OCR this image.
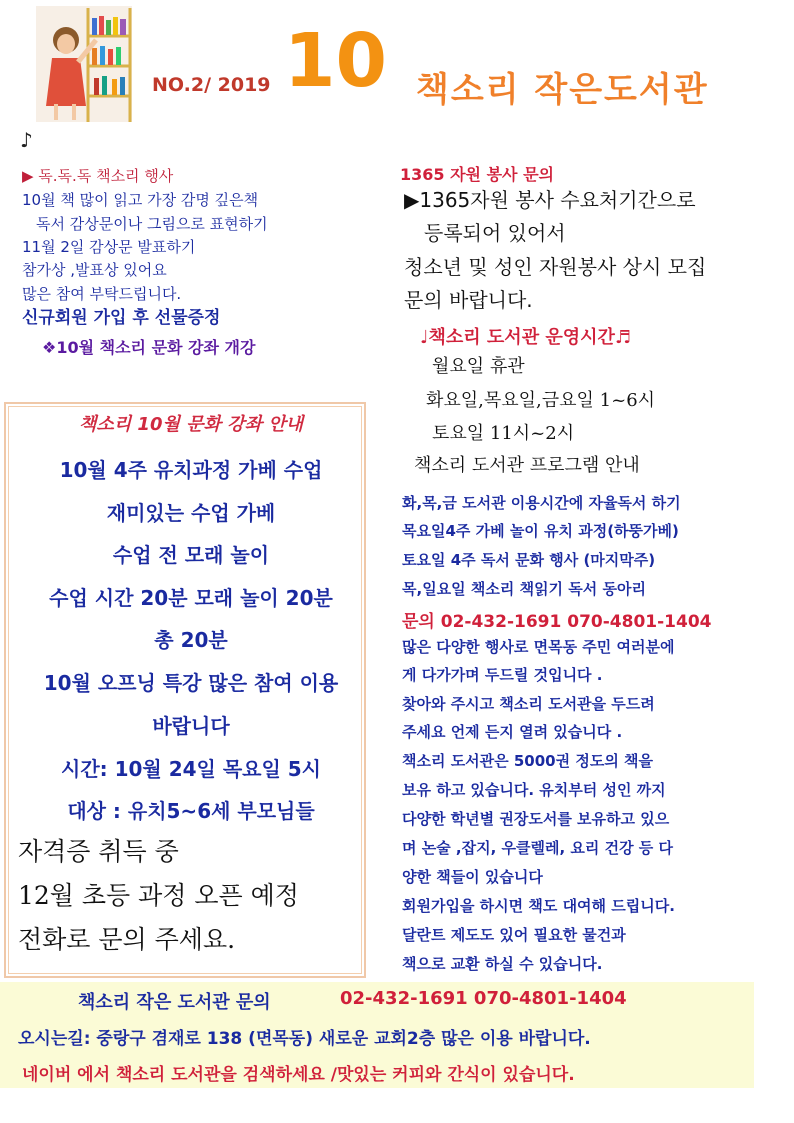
NO.2/ 2019 10 책소리 작은도서관
♪
▶ 독.독.독 책소리 행사
10월 책 많이 읽고 가장 감명 깊은책
독서 감상문이나 그림으로 표현하기
11월 2일 감상문 발표하기
참가상 ,발표상 있어요
많은 참여 부탁드립니다.
신규회원 가입 후 선물증정
❖10월 책소리 문화 강좌 개강
책소리 10월 문화 강좌 안내
10월 4주 유치과정 가베 수업
재미있는 수업 가베
수업 전 모래 놀이
수업 시간 20분 모래 놀이 20분
총 20분
10월 오프닝 특강 많은 참여 이용
바랍니다
시간: 10월 24일 목요일 5시
대상 : 유치5~6세 부모님들
자격증 취득 중
12월 초등 과정 오픈 예정
전화로 문의 주세요.
1365 자원 봉사 문의
▶1365자원 봉사 수요처기간으로
등록되어 있어서
청소년 및 성인 자원봉사 상시 모집
문의 바랍니다.
♩책소리 도서관 운영시간♬
월요일 휴관
화요일,목요일,금요일 1~6시
토요일 11시~2시
책소리 도서관 프로그램 안내
화,목,금 도서관 이용시간에 자율독서 하기
목요일4주 가베 놀이 유치 과정(하뚱가베)
토요일 4주 독서 문화 행사 (마지막주)
목,일요일 책소리 책읽기 독서 동아리
문의 02-432-1691 070-4801-1404
많은 다양한 행사로 면목동 주민 여러분에
게 다가가며 두드릴 것입니다 .
찾아와 주시고 책소리 도서관을 두드려
주세요 언제 든지 열려 있습니다 .
책소리 도서관은 5000권 정도의 책을
보유 하고 있습니다. 유치부터 성인 까지
다양한 학년별 권장도서를 보유하고 있으
며 논술 ,잡지, 우클렐레, 요리 건강 등 다
양한 책들이 있습니다
회원가입을 하시면 책도 대여해 드립니다.
달란트 제도도 있어 필요한 물건과
책으로 교환 하실 수 있습니다.
책소리 작은 도서관 문의	02-432-1691 070-4801-1404
오시는길: 중랑구 겸재로 138 (면목동) 새로운 교회2층 많은 이용 바랍니다.
네이버 에서 책소리 도서관을 검색하세요 /맛있는 커피와 간식이 있습니다.
